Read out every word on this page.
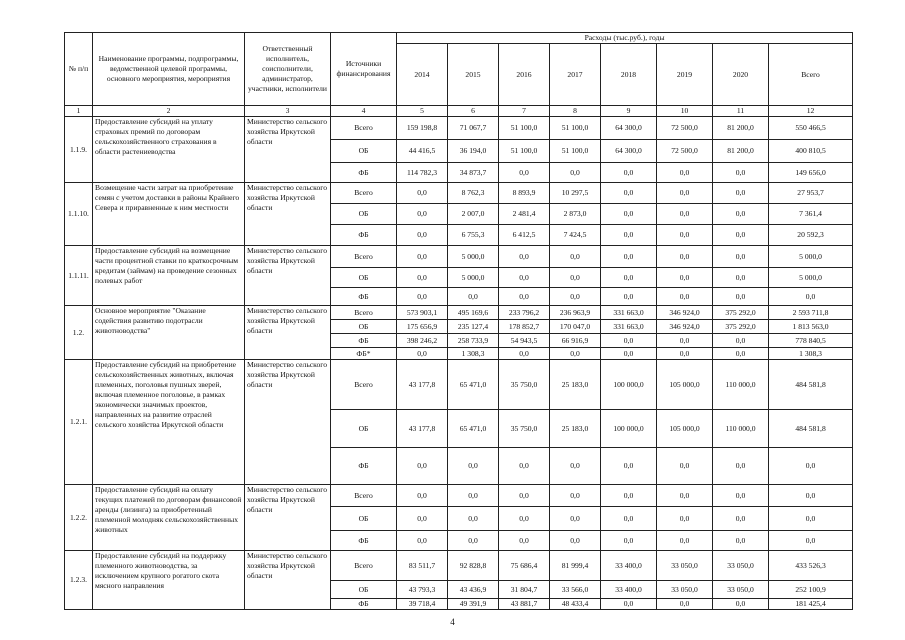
№ п/п	Наименование программы, подпрограммы, ведомственной целевой программы, основного мероприятия, мероприятия	Ответственный исполнитель, соисполнители, администратор, участники, исполнители	Источники финансирования	Расходы (тыс.руб.), годы							
				2014	2015	2016	2017	2018	2019	2020	Всего
1	2	3	4	5	6	7	8	9	10	11	12
1.1.9.	Предоставление субсидий на уплату страховых премий по договорам сельскохозяйственного страхования в области растениеводства	Министерство сельского хозяйства Иркутской области	Всего	159 198,8	71 067,7	51 100,0	51 100,0	64 300,0	72 500,0	81 200,0	550 466,5
			ОБ	44 416,5	36 194,0	51 100,0	51 100,0	64 300,0	72 500,0	81 200,0	400 810,5
			ФБ	114 782,3	34 873,7	0,0	0,0	0,0	0,0	0,0	149 656,0
1.1.10.	Возмещение части затрат на приобретение семян с учетом доставки в районы Крайнего Севера и приравненные к ним местности	Министерство сельского хозяйства Иркутской области	Всего	0,0	8 762,3	8 893,9	10 297,5	0,0	0,0	0,0	27 953,7
			ОБ	0,0	2 007,0	2 481,4	2 873,0	0,0	0,0	0,0	7 361,4
			ФБ	0,0	6 755,3	6 412,5	7 424,5	0,0	0,0	0,0	20 592,3
1.1.11.	Предоставление субсидий на возмещение части процентной ставки по краткосрочным кредитам (займам) на проведение сезонных полевых работ	Министерство сельского хозяйства Иркутской области	Всего	0,0	5 000,0	0,0	0,0	0,0	0,0	0,0	5 000,0
			ОБ	0,0	5 000,0	0,0	0,0	0,0	0,0	0,0	5 000,0
			ФБ	0,0	0,0	0,0	0,0	0,0	0,0	0,0	0,0
1.2.	Основное мероприятие "Оказание содействия развитию подотрасли животноводства"	Министерство сельского хозяйства Иркутской области	Всего	573 903,1	495 169,6	233 796,2	236 963,9	331 663,0	346 924,0	375 292,0	2 593 711,8
			ОБ	175 656,9	235 127,4	178 852,7	170 047,0	331 663,0	346 924,0	375 292,0	1 813 563,0
			ФБ	398 246,2	258 733,9	54 943,5	66 916,9	0,0	0,0	0,0	778 840,5
			ФБ*	0,0	1 308,3	0,0	0,0	0,0	0,0	0,0	1 308,3
1.2.1.	Предоставление субсидий на приобретение сельскохозяйственных животных, включая племенных, поголовья пушных зверей, включая племенное поголовье, в рамках экономически значимых проектов, направленных на развитие отраслей сельского хозяйства Иркутской области	Министерство сельского хозяйства Иркутской области	Всего	43 177,8	65 471,0	35 750,0	25 183,0	100 000,0	105 000,0	110 000,0	484 581,8
			ОБ	43 177,8	65 471,0	35 750,0	25 183,0	100 000,0	105 000,0	110 000,0	484 581,8
			ФБ	0,0	0,0	0,0	0,0	0,0	0,0	0,0	0,0
1.2.2.	Предоставление субсидий на оплату текущих платежей по договорам финансовой аренды (лизинга) за приобретенный племенной молодняк сельскохозяйственных животных	Министерство сельского хозяйства Иркутской области	Всего	0,0	0,0	0,0	0,0	0,0	0,0	0,0	0,0
			ОБ	0,0	0,0	0,0	0,0	0,0	0,0	0,0	0,0
			ФБ	0,0	0,0	0,0	0,0	0,0	0,0	0,0	0,0
1.2.3.	Предоставление субсидий на поддержку племенного животноводства, за исключением крупного рогатого скота мясного направления	Министерство сельского хозяйства Иркутской области	Всего	83 511,7	92 828,8	75 686,4	81 999,4	33 400,0	33 050,0	33 050,0	433 526,3
			ОБ	43 793,3	43 436,9	31 804,7	33 566,0	33 400,0	33 050,0	33 050,0	252 100,9
			ФБ	39 718,4	49 391,9	43 881,7	48 433,4	0,0	0,0	0,0	181 425,4
4
